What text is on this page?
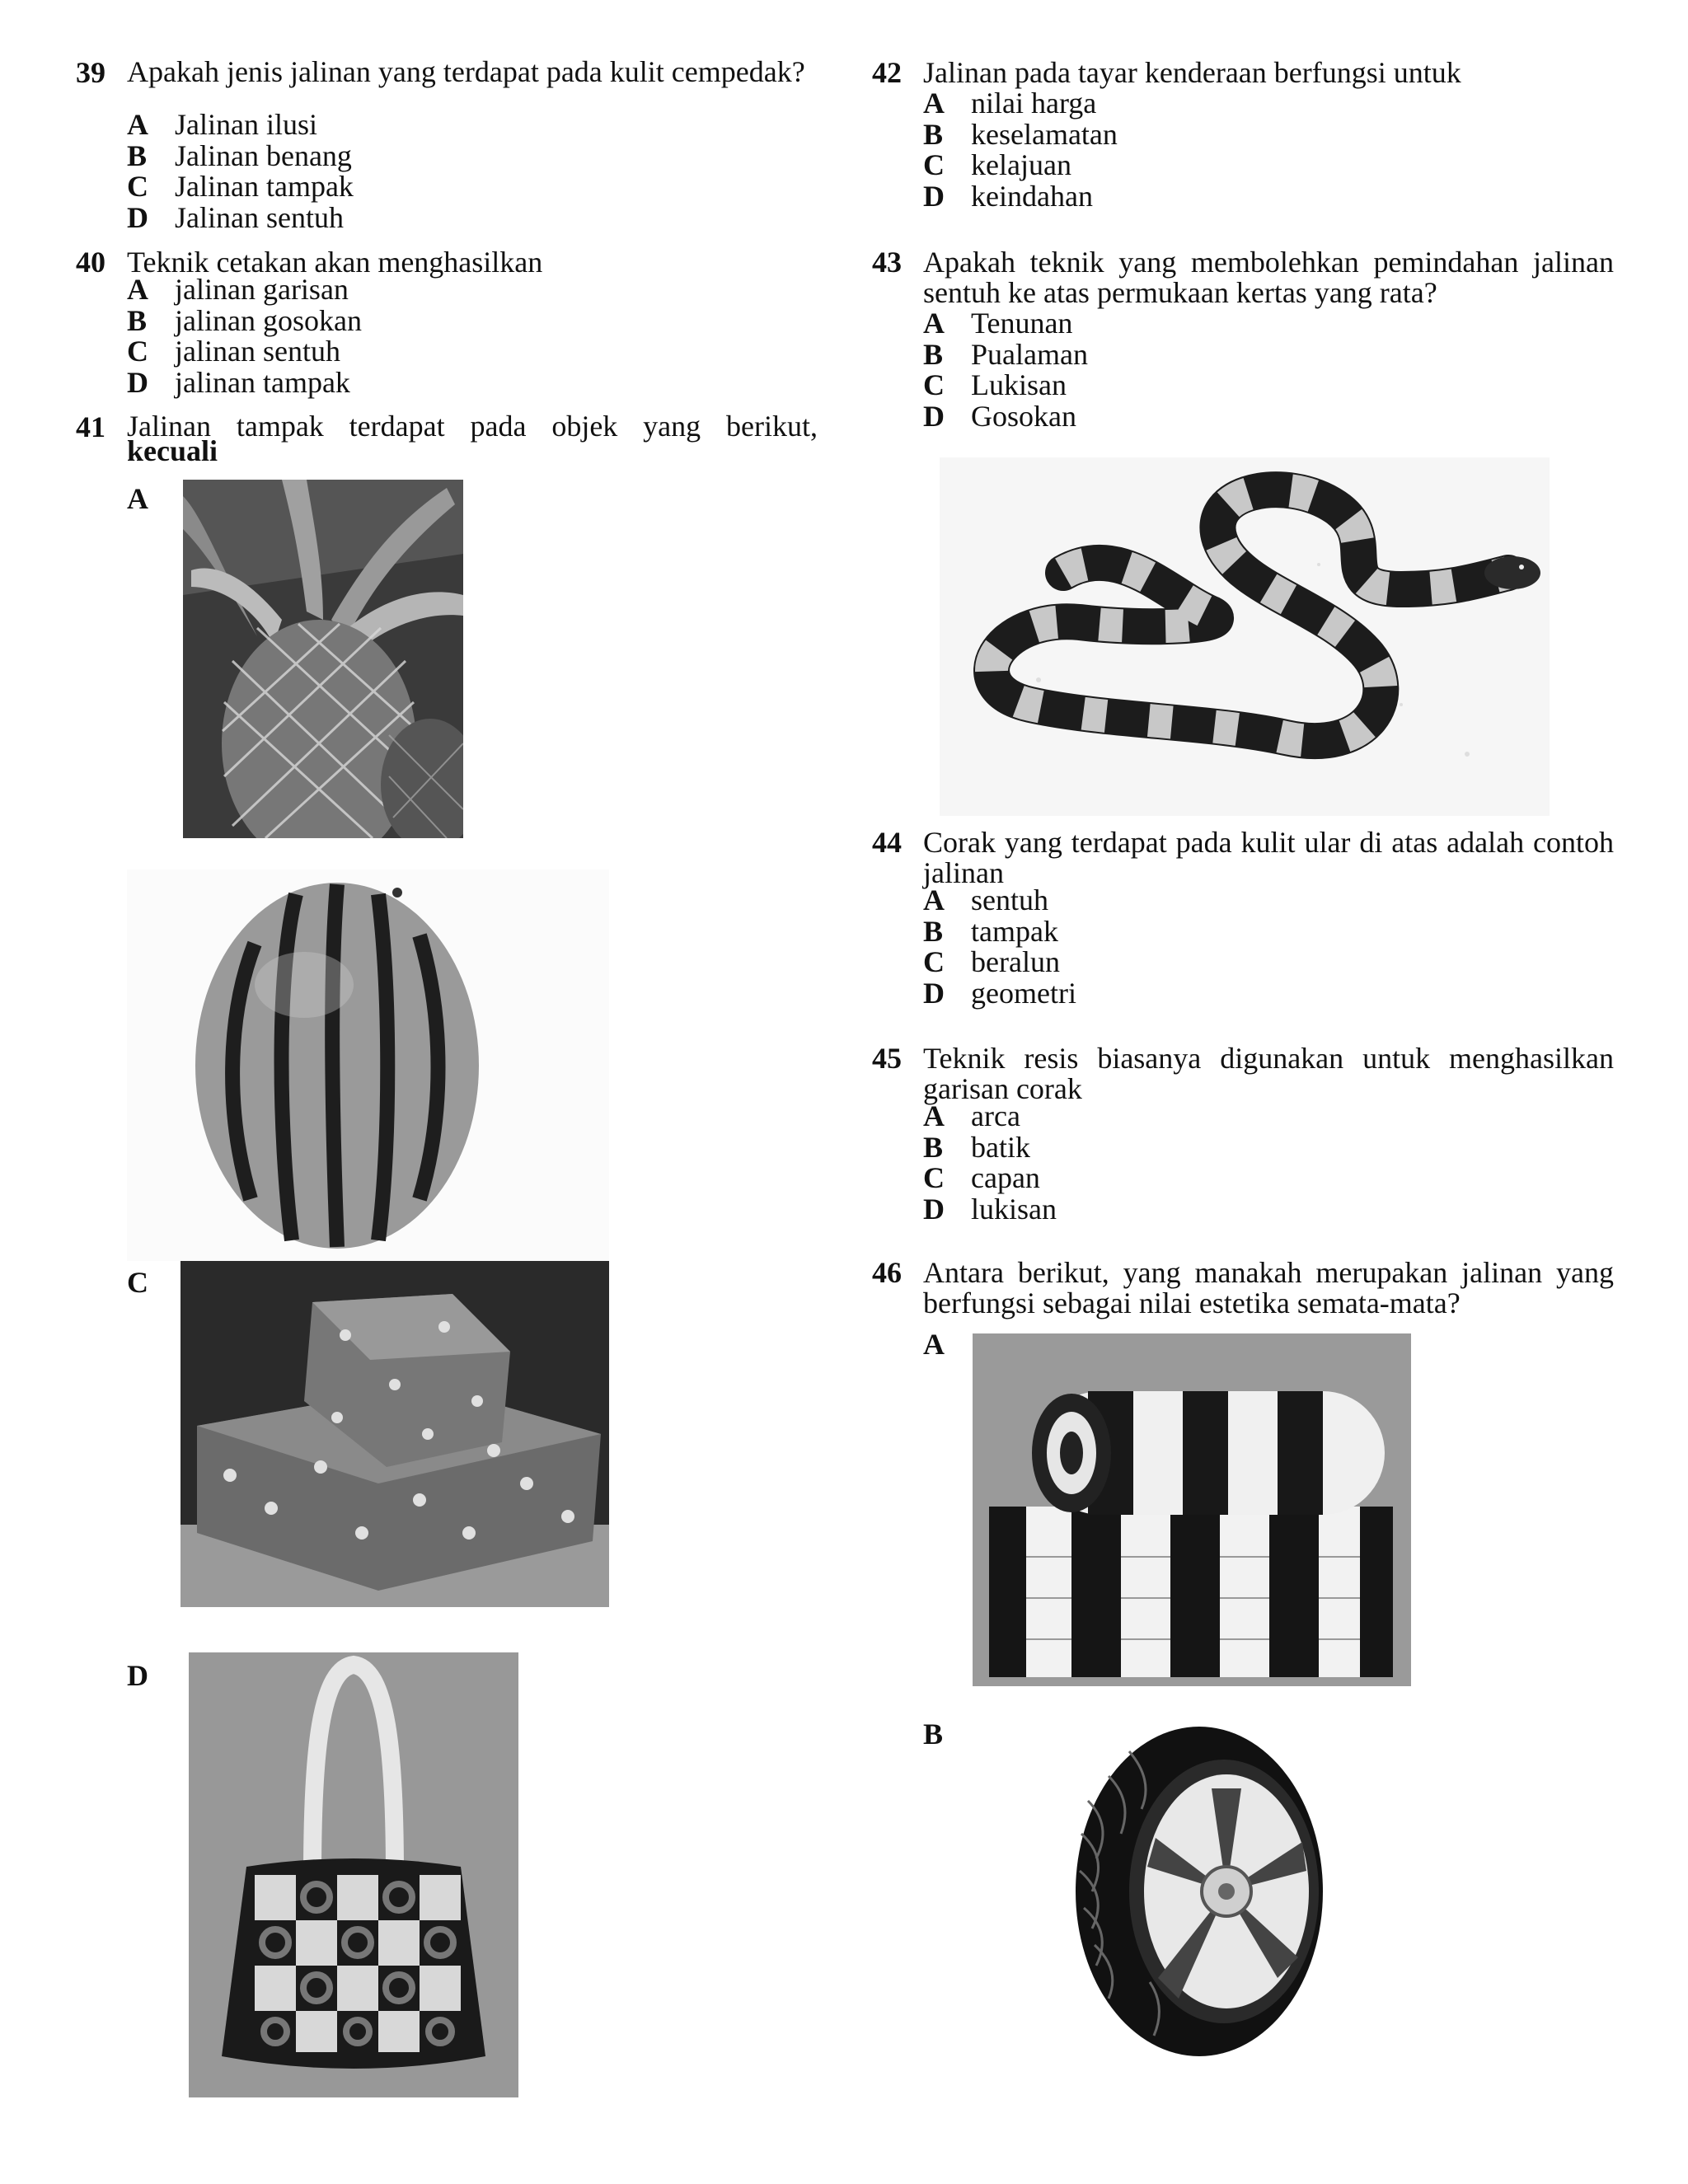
39 Apakah jenis jalinan yang terdapat pada kulit cempedak?
A Jalinan ilusi
B Jalinan benang
C Jalinan tampak
D Jalinan sentuh
40 Teknik cetakan akan menghasilkan
A jalinan garisan
B jalinan gosokan
C jalinan sentuh
D jalinan tampak
41 Jalinan tampak terdapat pada objek yang berikut,
kecuali
A
C
D
42 Jalinan pada tayar kenderaan berfungsi untuk
A nilai harga
B keselamatan
C kelajuan
D keindahan
43 Apakah teknik yang membolehkan pemindahan jalinan sentuh ke atas permukaan kertas yang rata?
A Tenunan
B Pualaman
C Lukisan
D Gosokan
44 Corak yang terdapat pada kulit ular di atas adalah contoh jalinan
A sentuh
B tampak
C beralun
D geometri
45 Teknik resis biasanya digunakan untuk menghasilkan garisan corak
A arca
B batik
C capan
D lukisan
46 Antara berikut, yang manakah merupakan jalinan yang berfungsi sebagai nilai estetika semata-mata?
A
B
